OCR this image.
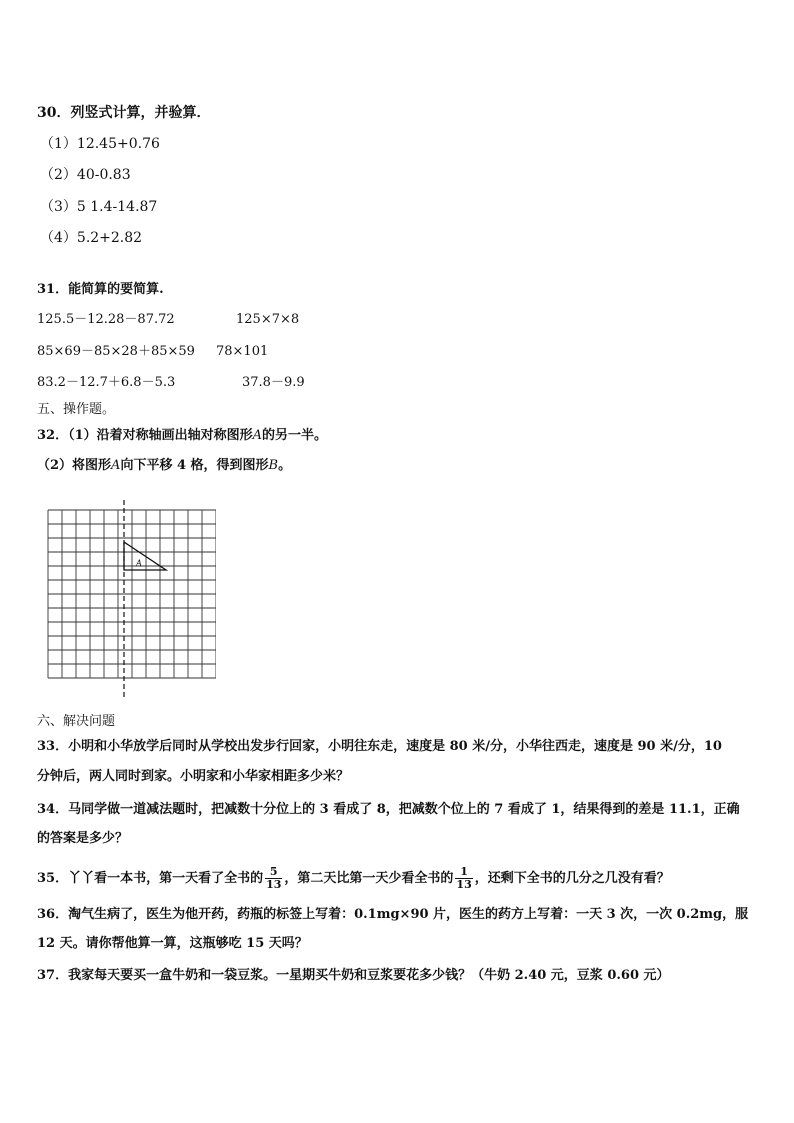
30．列竖式计算，并验算．
（1）12.45+0.76
（2）40-0.83
（3）5 1.4-14.87
（4）5.2+2.82
31．能简算的要简算.
125.5－12.28－87.72	125×7×8
85×69－85×28＋85×59 78×101
83.2－12.7＋6.8－5.3	37.8－9.9
五、操作题。
32．（1）沿着对称轴画出轴对称图形A的另一半。
（2）将图形A向下平移 4 格，得到图形B。
A
六、解决问题
33．小明和小华放学后同时从学校出发步行回家，小明往东走，速度是 80 米/分，小华往西走，速度是 90 米/分，10
分钟后，两人同时到家。小明家和小华家相距多少米？
34．马同学做一道减法题时，把减数十分位上的 3 看成了 8，把减数个位上的 7 看成了 1，结果得到的差是 11.1，正确
的答案是多少？
35．丫丫看一本书，第一天看了全书的 $\frac{5}{13}$ ，第二天比第一天少看全书的 $\frac{1}{13}$ ，还剩下全书的几分之几没有看？
36．淘气生病了，医生为他开药，药瓶的标签上写着：0.1mg×90 片，医生的药方上写着：一天 3 次，一次 0.2mg，服
12 天。请你帮他算一算，这瓶够吃 15 天吗？
37．我家每天要买一盒牛奶和一袋豆浆。一星期买牛奶和豆浆要花多少钱？（牛奶 2.40 元，豆浆 0.60 元）
